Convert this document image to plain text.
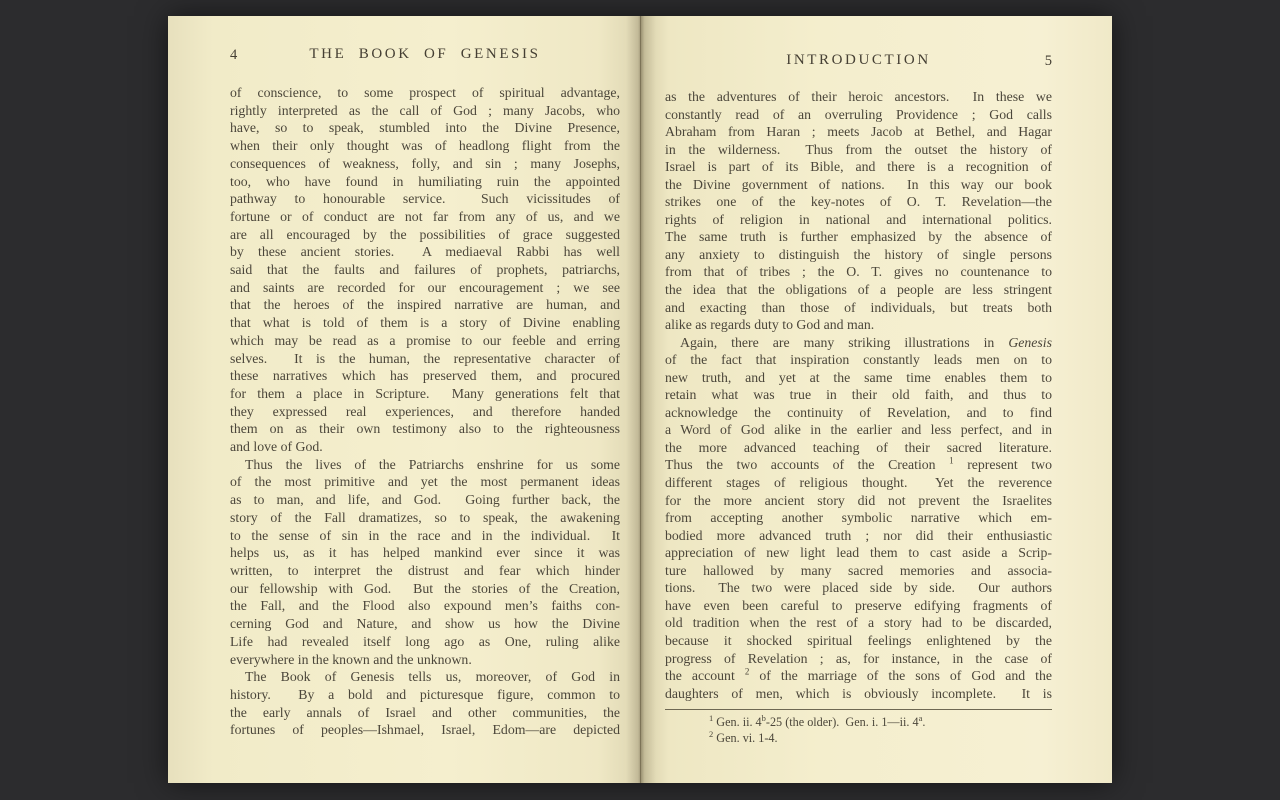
4	THE BOOK OF GENESIS
of conscience, to some prospect of spiritual advantage,
rightly interpreted as the call of God ; many Jacobs, who
have, so to speak, stumbled into the Divine Presence,
when their only thought was of headlong flight from the
consequences of weakness, folly, and sin ; many Josephs,
too, who have found in humiliating ruin the appointed
pathway to honourable service.  Such vicissitudes of
fortune or of conduct are not far from any of us, and we
are all encouraged by the possibilities of grace suggested
by these ancient stories.  A mediaeval Rabbi has well
said that the faults and failures of prophets, patriarchs,
and saints are recorded for our encouragement ; we see
that the heroes of the inspired narrative are human, and
that what is told of them is a story of Divine enabling
which may be read as a promise to our feeble and erring
selves.  It is the human, the representative character of
these narratives which has preserved them, and procured
for them a place in Scripture.  Many generations felt that
they expressed real experiences, and therefore handed
them on as their own testimony also to the righteousness
and love of God.
Thus the lives of the Patriarchs enshrine for us some
of the most primitive and yet the most permanent ideas
as to man, and life, and God.  Going further back, the
story of the Fall dramatizes, so to speak, the awakening
to the sense of sin in the race and in the individual.  It
helps us, as it has helped mankind ever since it was
written, to interpret the distrust and fear which hinder
our fellowship with God.  But the stories of the Creation,
the Fall, and the Flood also expound men’s faiths con-
cerning God and Nature, and show us how the Divine
Life had revealed itself long ago as One, ruling alike
everywhere in the known and the unknown.
The Book of Genesis tells us, moreover, of God in
history.  By a bold and picturesque figure, common to
the early annals of Israel and other communities, the
fortunes of peoples—Ishmael, Israel, Edom—are depicted
INTRODUCTION	5
as the adventures of their heroic ancestors.  In these we
constantly read of an overruling Providence ; God calls
Abraham from Haran ; meets Jacob at Bethel, and Hagar
in the wilderness.  Thus from the outset the history of
Israel is part of its Bible, and there is a recognition of
the Divine government of nations.  In this way our book
strikes one of the key-notes of O. T. Revelation—the
rights of religion in national and international politics.
The same truth is further emphasized by the absence of
any anxiety to distinguish the history of single persons
from that of tribes ; the O. T. gives no countenance to
the idea that the obligations of a people are less stringent
and exacting than those of individuals, but treats both
alike as regards duty to God and man.
Again, there are many striking illustrations in Genesis
of the fact that inspiration constantly leads men on to
new truth, and yet at the same time enables them to
retain what was true in their old faith, and thus to
acknowledge the continuity of Revelation, and to find
a Word of God alike in the earlier and less perfect, and in
the more advanced teaching of their sacred literature.
Thus the two accounts of the Creation $^1$ represent two
different stages of religious thought.  Yet the reverence
for the more ancient story did not prevent the Israelites
from accepting another symbolic narrative which em-
bodied more advanced truth ; nor did their enthusiastic
appreciation of new light lead them to cast aside a Scrip-
ture hallowed by many sacred memories and associa-
tions.  The two were placed side by side.  Our authors
have even been careful to preserve edifying fragments of
old tradition when the rest of a story had to be discarded,
because it shocked spiritual feelings enlightened by the
progress of Revelation ; as, for instance, in the case of
the account $^2$ of the marriage of the sons of God and the
daughters of men, which is obviously incomplete.  It is
$^1$ Gen. ii. 4$^b$-25 (the older).  Gen. i. 1—ii. 4$^a$.
$^2$ Gen. vi. 1-4.
